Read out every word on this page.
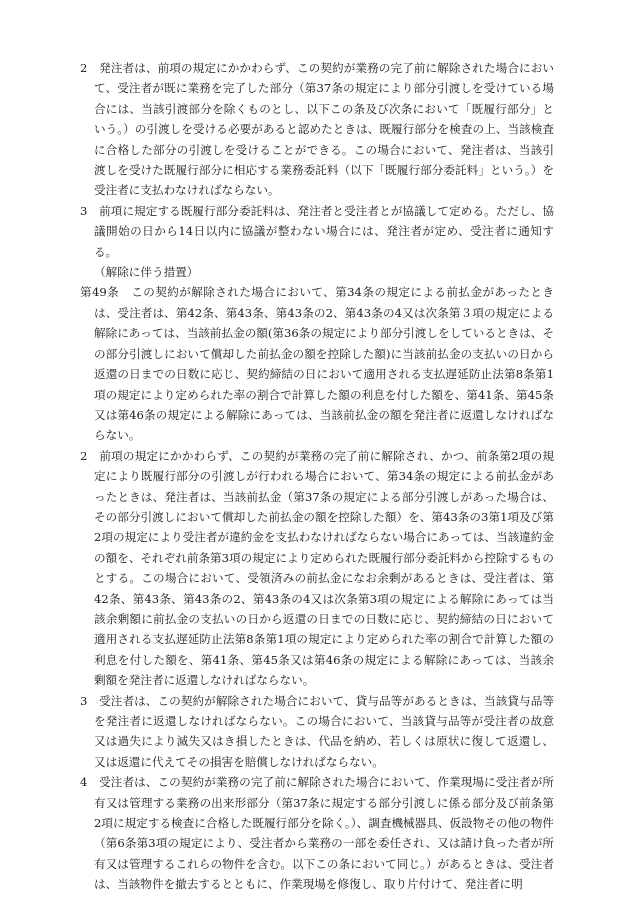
2　発注者は、前項の規定にかかわらず、この契約が業務の完了前に解除された場合において、受注者が既に業務を完了した部分（第37条の規定により部分引渡しを受けている場合には、当該引渡部分を除くものとし、以下この条及び次条において「既履行部分」という。）の引渡しを受ける必要があると認めたときは、既履行部分を検査の上、当該検査に合格した部分の引渡しを受けることができる。この場合において、発注者は、当該引渡しを受けた既履行部分に相応する業務委託料（以下「既履行部分委託料」という。）を受注者に支払わなければならない。

3　前項に規定する既履行部分委託料は、発注者と受注者とが協議して定める。ただし、協議開始の日から14日以内に協議が整わない場合には、発注者が定め、受注者に通知する。

（解除に伴う措置）

第49条　この契約が解除された場合において、第34条の規定による前払金があったときは、受注者は、第42条、第43条、第43条の2、第43条の4又は次条第３項の規定による解除にあっては、当該前払金の額(第36条の規定により部分引渡しをしているときは、その部分引渡しにおいて償却した前払金の額を控除した額)に当該前払金の支払いの日から返還の日までの日数に応じ、契約締結の日において適用される支払遅延防止法第8条第1項の規定により定められた率の割合で計算した額の利息を付した額を、第41条、第45条又は第46条の規定による解除にあっては、当該前払金の額を発注者に返還しなければならない。

2　前項の規定にかかわらず、この契約が業務の完了前に解除され、かつ、前条第2項の規定により既履行部分の引渡しが行われる場合において、第34条の規定による前払金があったときは、発注者は、当該前払金（第37条の規定による部分引渡しがあった場合は、その部分引渡しにおいて償却した前払金の額を控除した額）を、第43条の3第1項及び第2項の規定により受注者が違約金を支払わなければならない場合にあっては、当該違約金の額を、それぞれ前条第3項の規定により定められた既履行部分委託料から控除するものとする。この場合において、受領済みの前払金になお余剰があるときは、受注者は、第42条、第43条、第43条の2、第43条の4又は次条第3項の規定による解除にあっては当該余剰額に前払金の支払いの日から返還の日までの日数に応じ、契約締結の日において適用される支払遅延防止法第8条第1項の規定により定められた率の割合で計算した額の利息を付した額を、第41条、第45条又は第46条の規定による解除にあっては、当該余剰額を発注者に返還しなければならない。

3　受注者は、この契約が解除された場合において、貸与品等があるときは、当該貸与品等を発注者に返還しなければならない。この場合において、当該貸与品等が受注者の故意又は過失により滅失又はき損したときは、代品を納め、若しくは原状に復して返還し、又は返還に代えてその損害を賠償しなければならない。

4　受注者は、この契約が業務の完了前に解除された場合において、作業現場に受注者が所有又は管理する業務の出来形部分（第37条に規定する部分引渡しに係る部分及び前条第2項に規定する検査に合格した既履行部分を除く。）、調査機械器具、仮設物その他の物件（第6条第3項の規定により、受注者から業務の一部を委任され、又は請け負った者が所有又は管理するこれらの物件を含む。以下この条において同じ。）があるときは、受注者は、当該物件を撤去するとともに、作業現場を修復し、取り片付けて、発注者に明
